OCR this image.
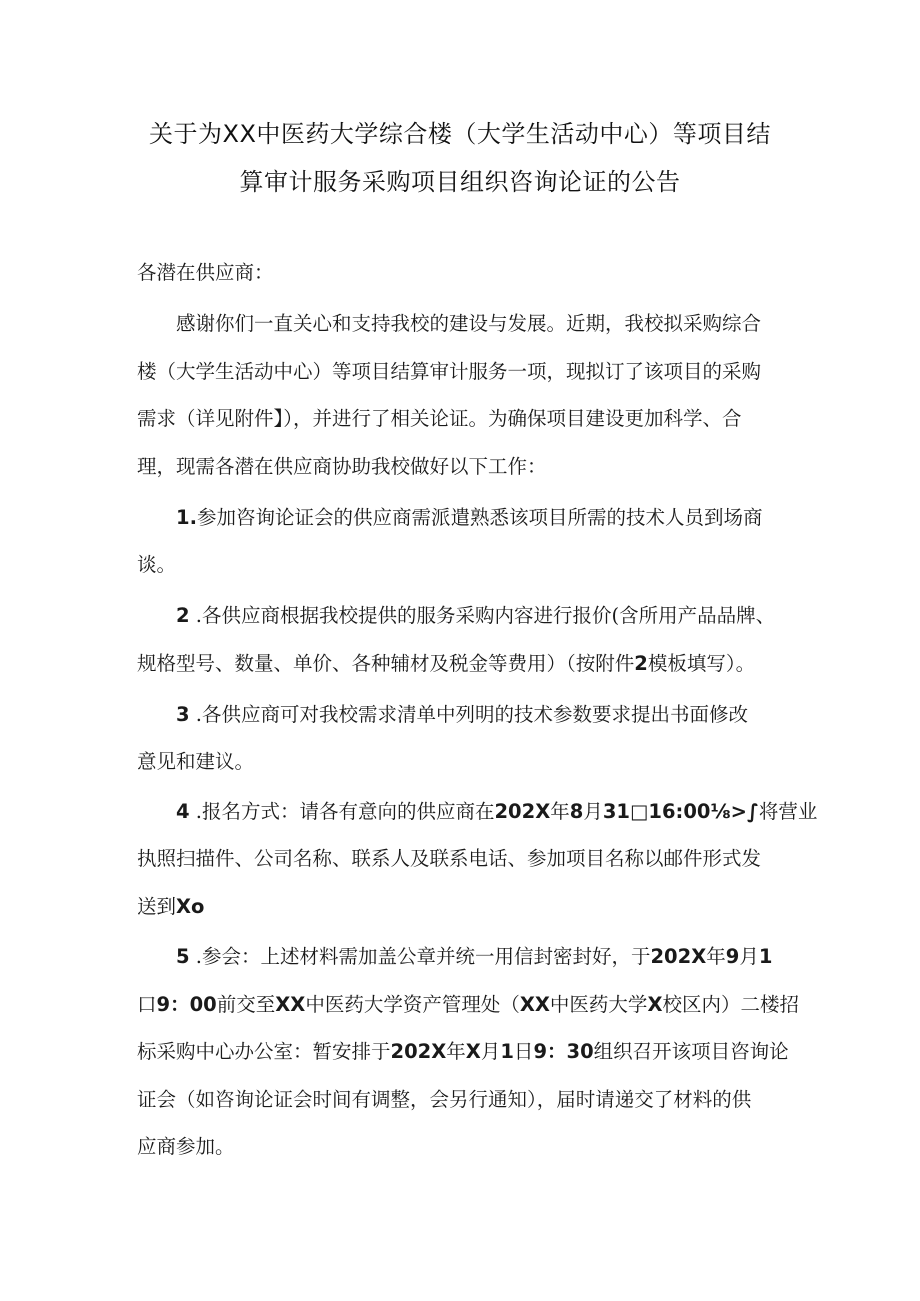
关于为XX中医药大学综合楼（大学生活动中心）等项目结
算审计服务采购项目组织咨询论证的公告
各潜在供应商：
感谢你们一直关心和支持我校的建设与发展。近期，我校拟采购综合
楼（大学生活动中心）等项目结算审计服务一项，现拟订了该项目的采购
需求（详见附件】），并进行了相关论证。为确保项目建设更加科学、合
理，现需各潜在供应商协助我校做好以下工作：
1.参加咨询论证会的供应商需派遣熟悉该项目所需的技术人员到场商
谈。
2 .各供应商根据我校提供的服务采购内容进行报价(含所用产品品牌、
规格型号、数量、单价、各种辅材及税金等费用）（按附件2模板填写）。
3 .各供应商可对我校需求清单中列明的技术参数要求提出书面修改
意见和建议。
4 .报名方式：请各有意向的供应商在202X年8月31□16:00⅛>∫将营业
执照扫描件、公司名称、联系人及联系电话、参加项目名称以邮件形式发
送到Xo
5 .参会：上述材料需加盖公章并统一用信封密封好，于202X年9月1
口9：00前交至XX中医药大学资产管理处（XX中医药大学X校区内）二楼招
标采购中心办公室：暂安排于202X年X月1日9：30组织召开该项目咨询论
证会（如咨询论证会时间有调整，会另行通知），届时请递交了材料的供
应商参加。
